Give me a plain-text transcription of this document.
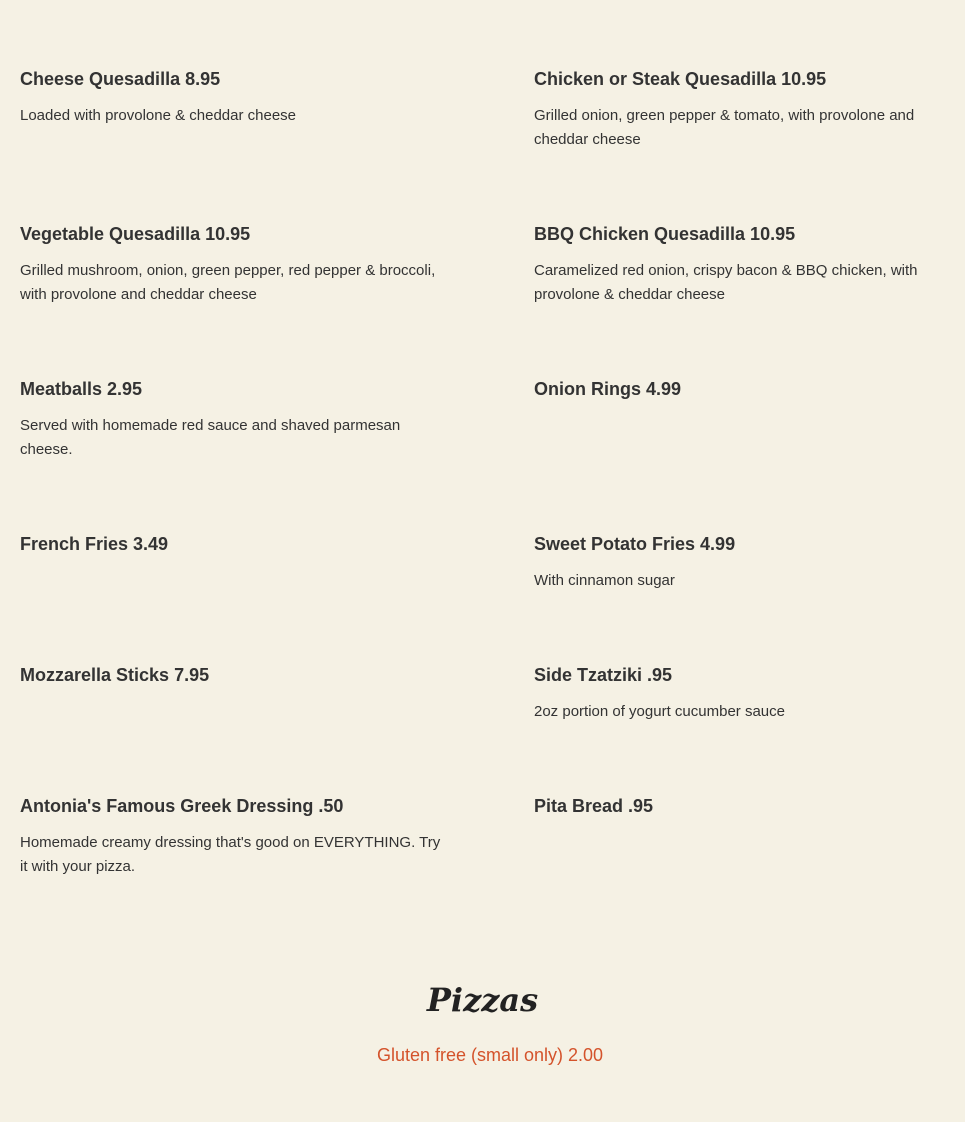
Cheese Quesadilla 8.95

Loaded with provolone & cheddar cheese

Chicken or Steak Quesadilla 10.95

Grilled onion, green pepper & tomato, with provolone and cheddar cheese

Vegetable Quesadilla 10.95

Grilled mushroom, onion, green pepper, red pepper & broccoli, with provolone and cheddar cheese

BBQ Chicken Quesadilla 10.95

Caramelized red onion, crispy bacon & BBQ chicken, with provolone & cheddar cheese

Meatballs 2.95

Served with homemade red sauce and shaved parmesan cheese.

Onion Rings 4.99

French Fries 3.49	Sweet Potato Fries 4.99

With cinnamon sugar

Mozzarella Sticks 7.95	Side Tzatziki .95

2oz portion of yogurt cucumber sauce

Antonia's Famous Greek Dressing .50

Homemade creamy dressing that's good on EVERYTHING. Try it with your pizza.

Pita Bread .95

Pizzas

Gluten free (small only) 2.00
